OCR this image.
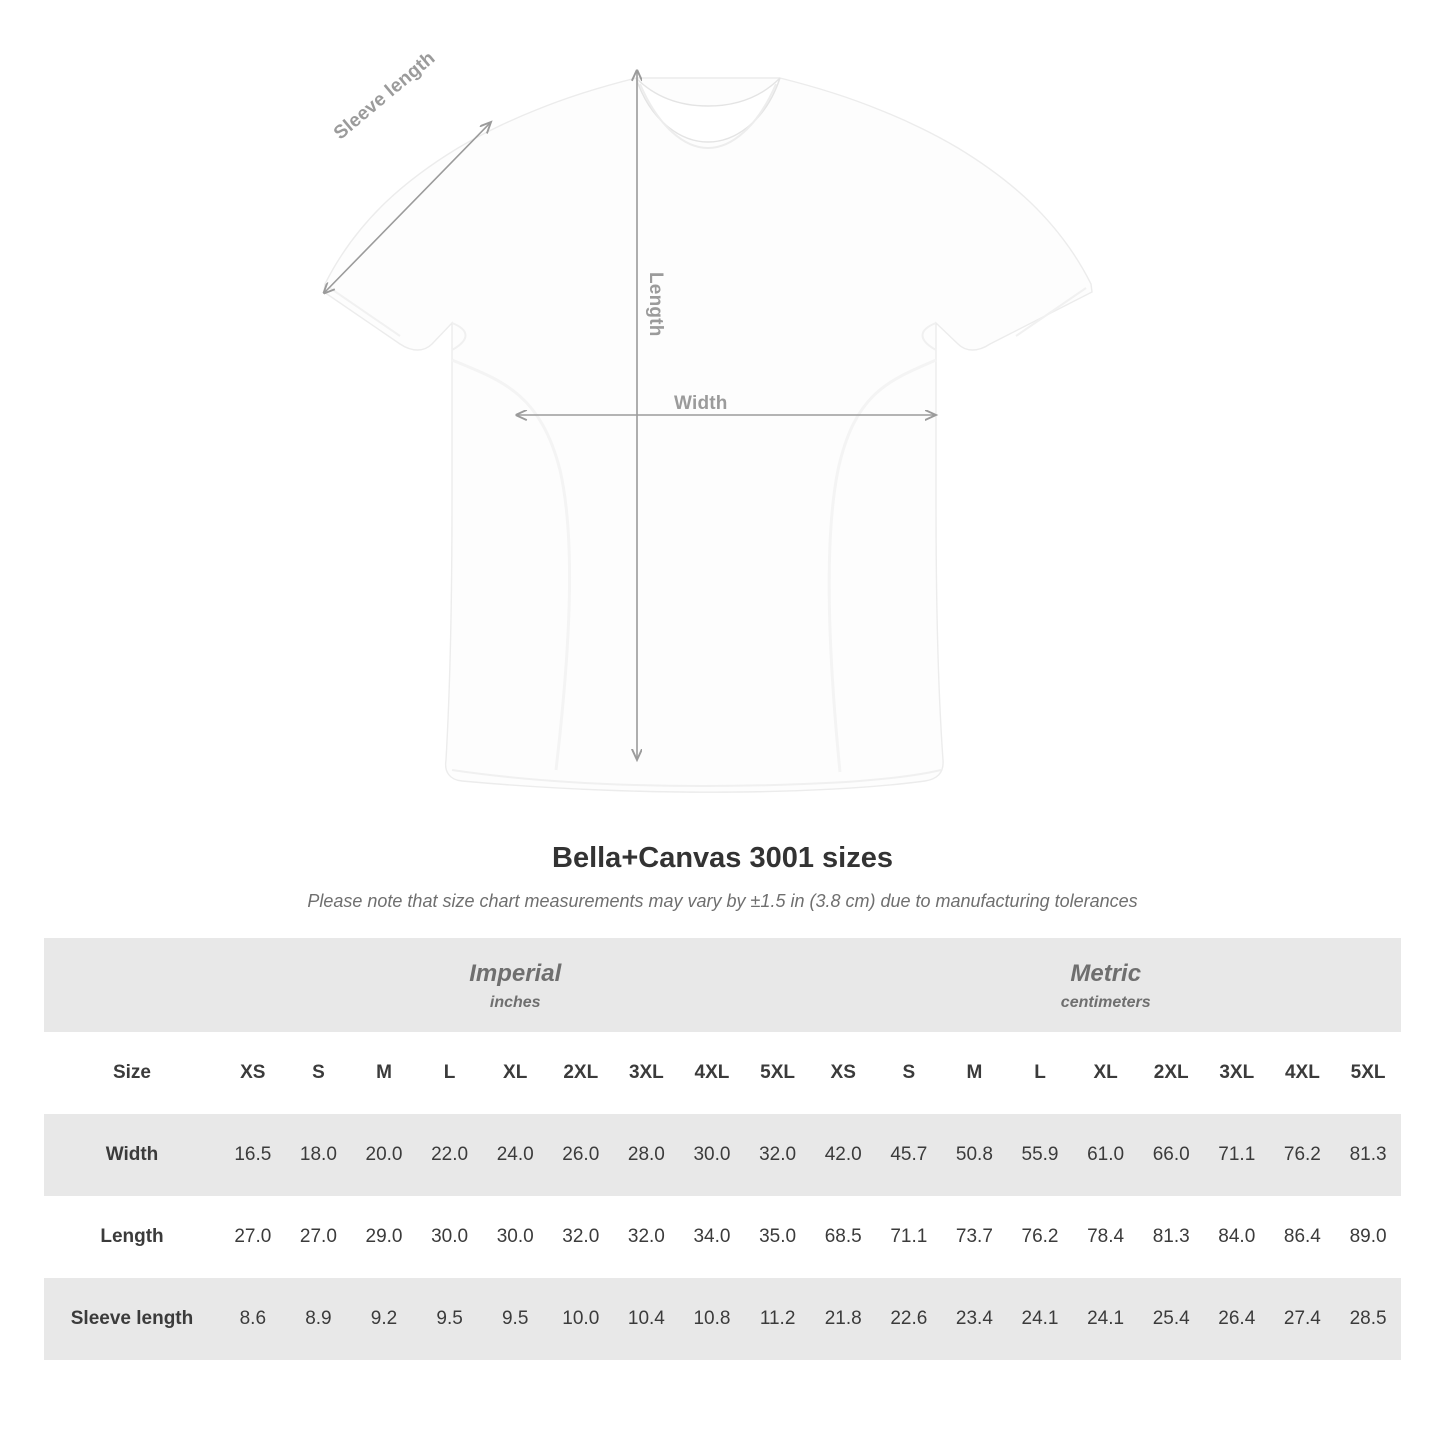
Width
Length
Sleeve length
Bella+Canvas 3001 sizes

Please note that size chart measurements may vary by ±1.5 in (3.8 cm) due to manufacturing tolerances

	Imperial
inches									Metric
centimeters								

Size	XS	S	M	L	XL	2XL	3XL	4XL	5XL	XS	S	M	L	XL	2XL	3XL	4XL	5XL
Width	16.5	18.0	20.0	22.0	24.0	26.0	28.0	30.0	32.0	42.0	45.7	50.8	55.9	61.0	66.0	71.1	76.2	81.3
Length	27.0	27.0	29.0	30.0	30.0	32.0	32.0	34.0	35.0	68.5	71.1	73.7	76.2	78.4	81.3	84.0	86.4	89.0
Sleeve length	8.6	8.9	9.2	9.5	9.5	10.0	10.4	10.8	11.2	21.8	22.6	23.4	24.1	24.1	25.4	26.4	27.4	28.5
